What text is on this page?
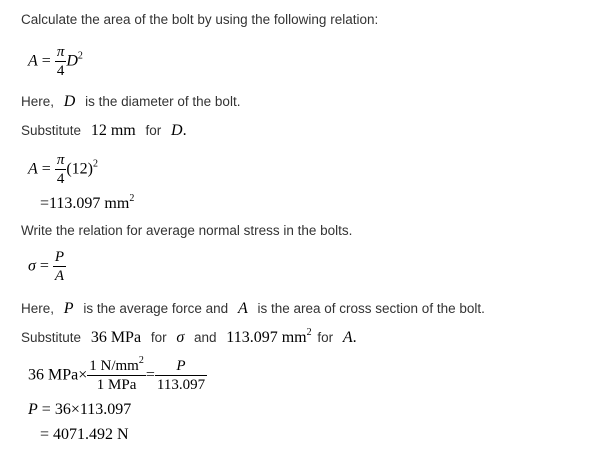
Calculate the area of the bolt by using the following relation:
$A = \frac{\pi}{4} D^2$
Here, D is the diameter of the bolt.
Substitute 12 mm for D.
$A = \frac{\pi}{4} (12)^2$
=113.097 $mm^2$
Write the relation for average normal stress in the bolts.
$\sigma = \frac{P}{A}$
Here, P is the average force and A is the area of cross section of the bolt.
Substitute 36 MPa for σ and 113.097 $mm^2$ for A.
36 $MPa\times \frac{1 N/mm^2}{\text{1 MPa}} = \frac{P}{113.097}$
P = 36×113.097
= 4071.492 N
